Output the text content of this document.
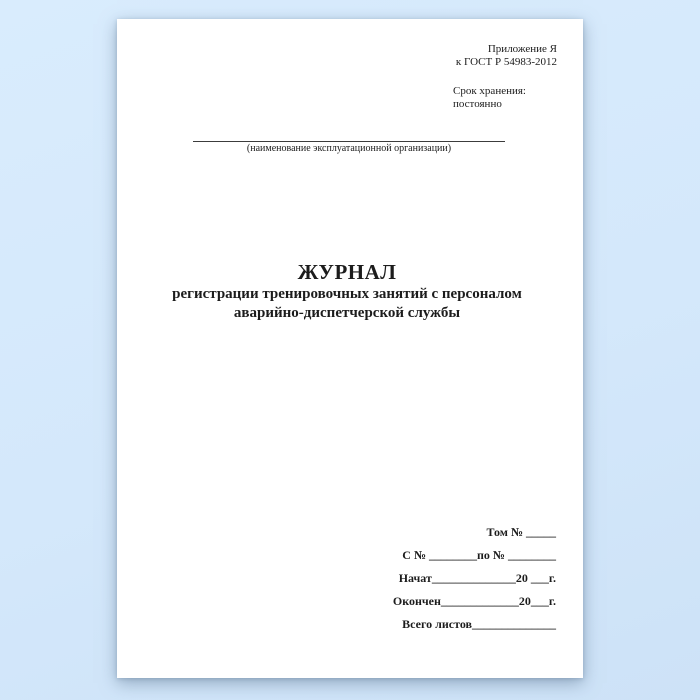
Приложение Я
к ГОСТ Р 54983-2012
Срок хранения:
постоянно
(наименование эксплуатационной организации)
ЖУРНАЛ
регистрации тренировочных занятий с персоналом
аварийно-диспетчерской службы
Том № _____
С № ________по № ________
Начат______________20 ___г.
Окончен_____________20___г.
Всего листов______________
